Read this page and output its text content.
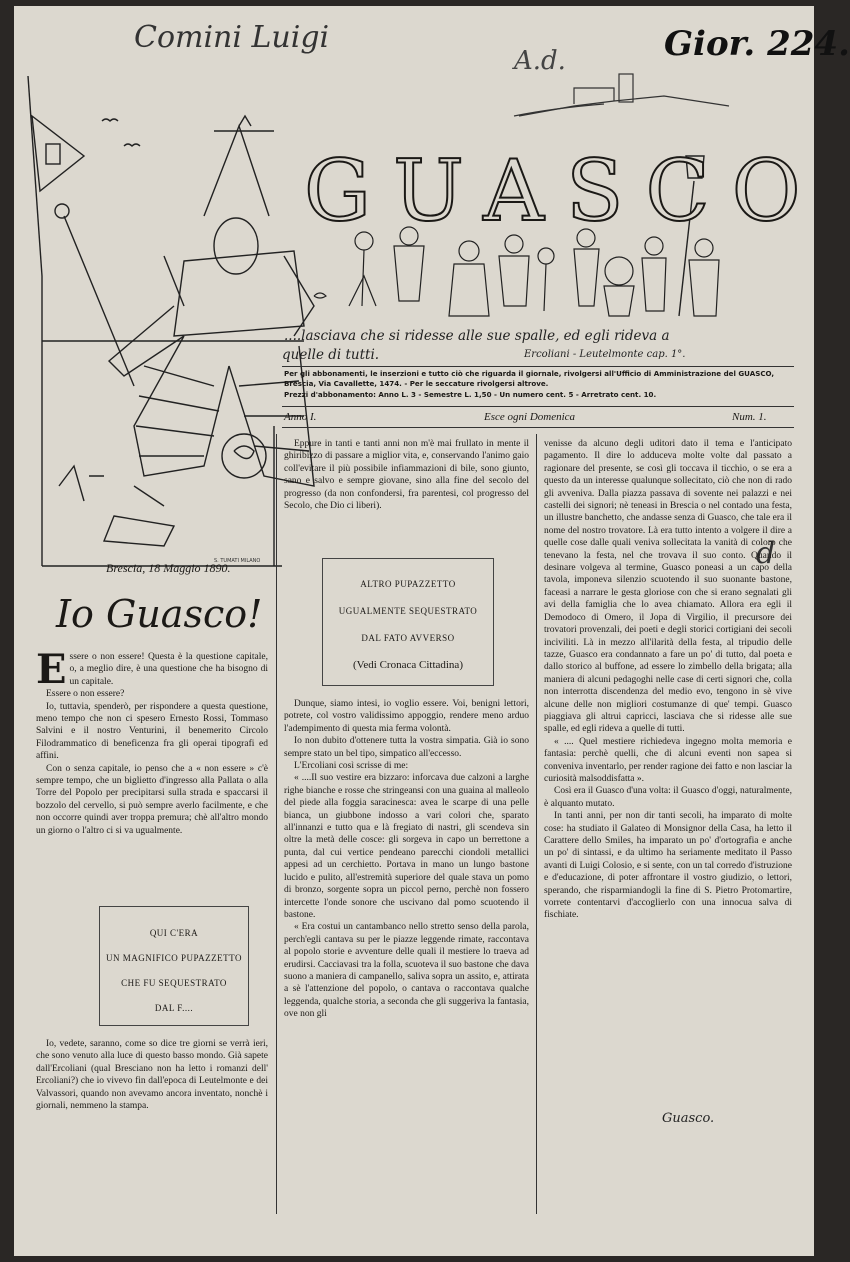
Comini Luigi
A.d.	Gior. 224.
d
S. TUMATI MILANO
GUASCO
....lasciava che si ridesse alle sue spalle, ed egli rideva a
quelle di tutti.	Ercoliani - Leutelmonte cap. 1°.
Per gli abbonamenti, le inserzioni e tutto ciò che riguarda il giornale, rivolgersi all'Ufficio di Amministrazione del GUASCO, Brescia, Via Cavallette, 1474. - Per le seccature rivolgersi altrove.
Prezzi d'abbonamento: Anno L. 3 - Semestre L. 1,50 - Un numero cent. 5 - Arretrato cent. 10.
Anno I.	Esce ogni Domenica	Num. 1.
Brescia, 18 Maggio 1890.
Io Guasco!
E ssere o non essere! Questa è la questione capitale, o, a meglio dire, è una questione che ha bisogno di un capitale.

Essere o non essere?

Io, tuttavia, spenderò, per rispondere a questa questione, meno tempo che non ci spesero Ernesto Rossi, Tommaso Salvini e il nostro Venturini, il benemerito Circolo Filodrammatico di beneficenza fra gli operai tipografi ed affini.

Con o senza capitale, io penso che a « non essere » c'è sempre tempo, che un biglietto d'ingresso alla Pallata o alla Torre del Popolo per precipitarsi sulla strada e spaccarsi il bozzolo del cervello, si può sempre averlo facilmente, e che non occorre quindi aver troppa premura; chè all'altro mondo un giorno o l'altro ci si va ugualmente.

QUI C'ERA
UN MAGNIFICO PUPAZZETTO
CHE FU SEQUESTRATO
DAL F....

Io, vedete, saranno, come so dice tre giorni se verrà ieri, che sono venuto alla luce di questo basso mondo. Già sapete dall'Ercoliani (qual Bresciano non ha letto i romanzi dell' Ercoliani?) che io vivevo fin dall'epoca di Leutelmonte e dei Valvassori, quando non avevamo ancora inventato, nonchè i giornali, nemmeno la stampa.

Eppure in tanti e tanti anni non m'è mai frullato in mente il ghiribizzo di passare a miglior vita, e, conservando l'animo gaio coll'evitare il più possibile infiammazioni di bile, sono giunto, sano e salvo e sempre giovane, sino alla fine del secolo del progresso (da non confondersi, fra parentesi, col progresso del Secolo, che Dio ci liberi).

ALTRO PUPAZZETTO
UGUALMENTE SEQUESTRATO
DAL FATO AVVERSO
(Vedi Cronaca Cittadina)

Dunque, siamo intesi, io voglio essere. Voi, benigni lettori, potrete, col vostro validissimo appoggio, rendere meno arduo l'adempimento di questa mia ferma volontà.

Io non dubito d'ottenere tutta la vostra simpatia. Già io sono sempre stato un bel tipo, simpatico all'eccesso.

L'Ercoliani così scrisse di me:

« ....Il suo vestire era bizzaro: inforcava due calzoni a larghe righe bianche e rosse che stringeansi con una guaina al malleolo del piede alla foggia saracinesca: avea le scarpe di una pelle bianca, un giubbone indosso a vari colori che, sparato all'innanzi e tutto qua e là fregiato di nastri, gli scendeva sin oltre la metà delle cosce: gli sorgeva in capo un berrettone a punta, dal cui vertice pendeano parecchi ciondoli metallici appesi ad un cerchietto. Portava in mano un lungo bastone lucido e pulito, all'estremità superiore del quale stava un pomo di bronzo, sorgente sopra un piccol perno, perchè non fossero intercette l'onde sonore che uscivano dal pomo scuotendo il bastone.

« Era costui un cantambanco nello stretto senso della parola, perch'egli cantava su per le piazze leggende rimate, raccontava al popolo storie e avventure delle quali il mestiere lo traeva ad erudirsi. Cacciavasi tra la folla, scuoteva il suo bastone che dava suono a maniera di campanello, saliva sopra un assito, e, attirata a sè l'attenzione del popolo, o cantava o raccontava qualche leggenda, qualche storia, a seconda che gli suggeriva la fantasia, ove non gli

venisse da alcuno degli uditori dato il tema e l'anticipato pagamento. Il dire lo adduceva molte volte dal passato a ragionare del presente, se così gli toccava il ticchio, o se era a questo da un interesse qualunque sollecitato, ciò che non di rado gli avveniva. Dalla piazza passava di sovente nei palazzi e nei castelli dei signori; nè teneasi in Brescia o nel contado una festa, un illustre banchetto, che andasse senza di Guasco, che tale era il nome del nostro trovatore. Là era tutto intento a volgere il dire a quelle cose dalle quali veniva sollecitata la vanità di coloro che tenevano la festa, nel che trovava il suo conto. Quando il desinare volgeva al termine, Guasco poneasi a un capo della tavola, imponeva silenzio scuotendo il suo suonante bastone, faceasi a narrare le gesta gloriose con che si erano segnalati gli avi della famiglia che lo avea chiamato. Allora era egli il Demodoco di Omero, il Jopa di Virgilio, il precursore dei trovatori provenzali, dei poeti e degli storici cortigiani dei secoli inciviliti. Là in mezzo all'ilarità della festa, al tripudio delle tazze, Guasco era condannato a fare un po' di tutto, dal poeta e dallo storico al buffone, ad essere lo zimbello della brigata; alla maniera di alcuni pedagoghi nelle case di certi signori che, colla non interrotta discendenza del medio evo, tengono in sè vive alcune delle non migliori costumanze di que' tempi. Guasco piaggiava gli altrui capricci, lasciava che si ridesse alle sue spalle, ed egli rideva a quelle di tutti.

« .... Quel mestiere richiedeva ingegno molta memoria e fantasia: perchè quelli, che di alcuni eventi non sapea si conveniva inventarlo, per render ragione dei fatto e non lasciar la curiosità malsoddisfatta ».

Così era il Guasco d'una volta: il Guasco d'oggi, naturalmente, è alquanto mutato.

In tanti anni, per non dir tanti secoli, ha imparato di molte cose: ha studiato il Galateo di Monsignor della Casa, ha letto il Carattere dello Smiles, ha imparato un po' d'ortografia e anche un po' di sintassi, e da ultimo ha seriamente meditato il Passo avanti di Luigi Colosio, e si sente, con un tal corredo d'istruzione e d'educazione, di poter affrontare il vostro giudizio, o lettori, sperando, che risparmiandogli la fine di S. Pietro Protomartire, vorrete contentarvi d'accoglierlo con una innocua salva di fischiate.

Guasco.
